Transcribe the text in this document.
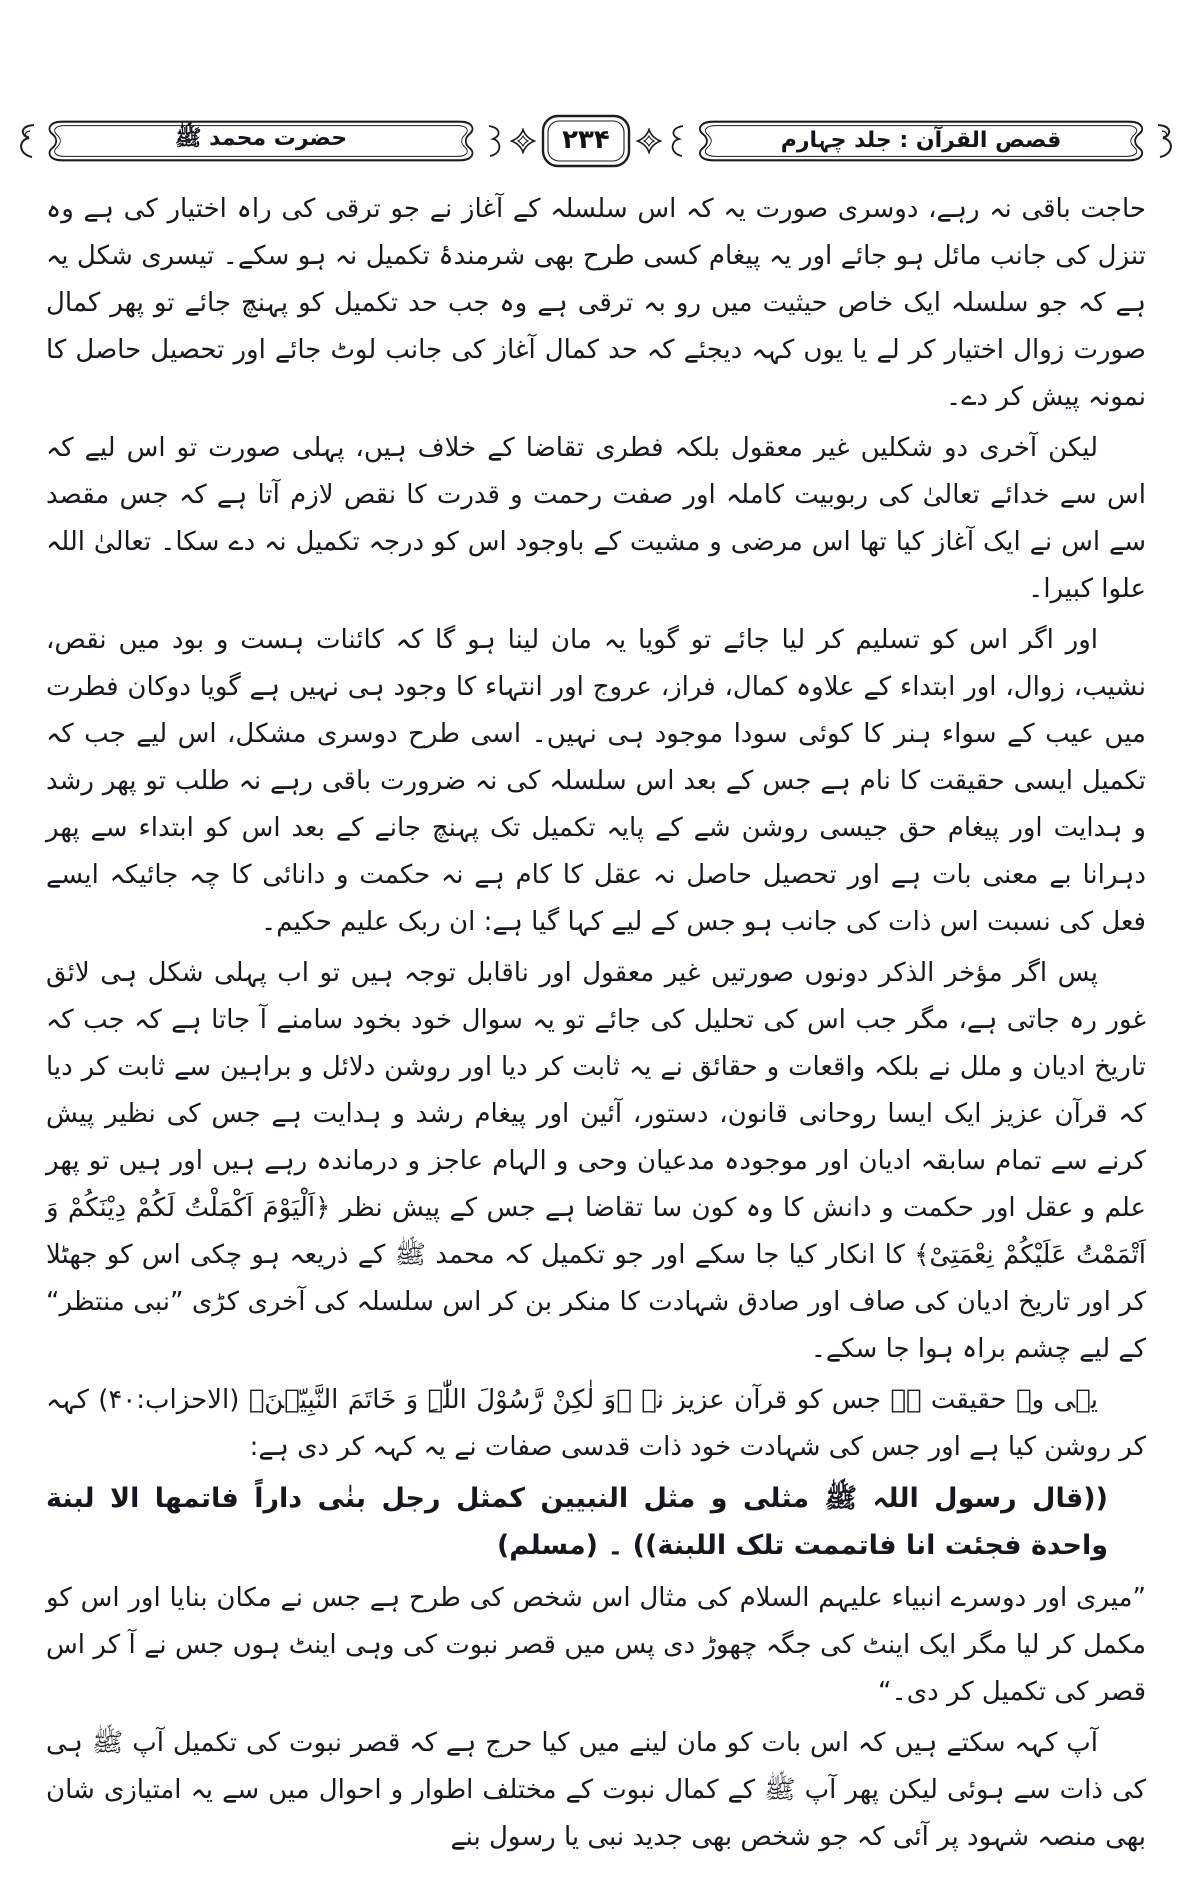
قصص القرآن : جلد چہارم
۲۳۴
حضرت محمد ﷺ

حاجت باقی نہ رہے، دوسری صورت یہ کہ اس سلسلہ کے آغاز نے جو ترقی کی راہ اختیار کی ہے وہ تنزل کی جانب مائل ہو جائے اور یہ پیغام کسی طرح بھی شرمندۂ تکمیل نہ ہو سکے۔ تیسری شکل یہ ہے کہ جو سلسلہ ایک خاص حیثیت میں رو بہ ترقی ہے وہ جب حد تکمیل کو پہنچ جائے تو پھر کمال صورت زوال اختیار کر لے یا یوں کہہ دیجئے کہ حد کمال آغاز کی جانب لوٹ جائے اور تحصیل حاصل کا نمونہ پیش کر دے۔

لیکن آخری دو شکلیں غیر معقول بلکہ فطری تقاضا کے خلاف ہیں، پہلی صورت تو اس لیے کہ اس سے خدائے تعالیٰ کی ربوبیت کاملہ اور صفت رحمت و قدرت کا نقص لازم آتا ہے کہ جس مقصد سے اس نے ایک آغاز کیا تھا اس مرضی و مشیت کے باوجود اس کو درجہ تکمیل نہ دے سکا۔ تعالیٰ اللہ علوا کبیرا۔

اور اگر اس کو تسلیم کر لیا جائے تو گویا یہ مان لینا ہو گا کہ کائنات ہست و بود میں نقص، نشیب، زوال، اور ابتداء کے علاوہ کمال، فراز، عروج اور انتہاء کا وجود ہی نہیں ہے گویا دوکان فطرت میں عیب کے سواء ہنر کا کوئی سودا موجود ہی نہیں۔ اسی طرح دوسری مشکل، اس لیے جب کہ تکمیل ایسی حقیقت کا نام ہے جس کے بعد اس سلسلہ کی نہ ضرورت باقی رہے نہ طلب تو پھر رشد و ہدایت اور پیغام حق جیسی روشن شے کے پایہ تکمیل تک پہنچ جانے کے بعد اس کو ابتداء سے پھر دہرانا بے معنی بات ہے اور تحصیل حاصل نہ عقل کا کام ہے نہ حکمت و دانائی کا چہ جائیکہ ایسے فعل کی نسبت اس ذات کی جانب ہو جس کے لیے کہا گیا ہے: ان ربک علیم حکیم۔

پس اگر مؤخر الذکر دونوں صورتیں غیر معقول اور ناقابل توجہ ہیں تو اب پہلی شکل ہی لائق غور رہ جاتی ہے، مگر جب اس کی تحلیل کی جائے تو یہ سوال خود بخود سامنے آ جاتا ہے کہ جب کہ تاریخ ادیان و ملل نے بلکہ واقعات و حقائق نے یہ ثابت کر دیا اور روشن دلائل و براہین سے ثابت کر دیا کہ قرآن عزیز ایک ایسا روحانی قانون، دستور، آئین اور پیغام رشد و ہدایت ہے جس کی نظیر پیش کرنے سے تمام سابقہ ادیان اور موجودہ مدعیان وحی و الہام عاجز و درماندہ رہے ہیں اور ہیں تو پھر علم و عقل اور حکمت و دانش کا وہ کون سا تقاضا ہے جس کے پیش نظر ﴿اَلْیَوْمَ اَکْمَلْتُ لَکُمْ دِیْنَکُمْ وَ اَتْمَمْتُ عَلَیْکُمْ نِعْمَتِیْ﴾ کا انکار کیا جا سکے اور جو تکمیل کہ محمد ﷺ کے ذریعہ ہو چکی اس کو جھٹلا کر اور تاریخ ادیان کی صاف اور صادق شہادت کا منکر بن کر اس سلسلہ کی آخری کڑی ”نبی منتظر“ کے لیے چشم براہ ہوا جا سکے۔

یہی وہ حقیقت ہے جس کو قرآن عزیز نے ﴿وَ لٰکِنْ رَّسُوْلَ اللّٰہِ وَ خَاتَمَ النَّبِیّٖنَ﴾ (الاحزاب:۴۰) کہہ کر روشن کیا ہے اور جس کی شہادت خود ذات قدسی صفات نے یہ کہہ کر دی ہے:

((قال رسول اللہ ﷺ مثلی و مثل النبیین کمثل رجل بنٰی داراً فاتمھا الا لبنة واحدة فجئت انا فاتممت تلک اللبنة)) ۔ (مسلم)

”میری اور دوسرے انبیاء علیہم السلام کی مثال اس شخص کی طرح ہے جس نے مکان بنایا اور اس کو مکمل کر لیا مگر ایک اینٹ کی جگہ چھوڑ دی پس میں قصر نبوت کی وہی اینٹ ہوں جس نے آ کر اس قصر کی تکمیل کر دی۔“

آپ کہہ سکتے ہیں کہ اس بات کو مان لینے میں کیا حرج ہے کہ قصر نبوت کی تکمیل آپ ﷺ ہی کی ذات سے ہوئی لیکن پھر آپ ﷺ کے کمال نبوت کے مختلف اطوار و احوال میں سے یہ امتیازی شان بھی منصہ شہود پر آئی کہ جو شخص بھی جدید نبی یا رسول بنے
